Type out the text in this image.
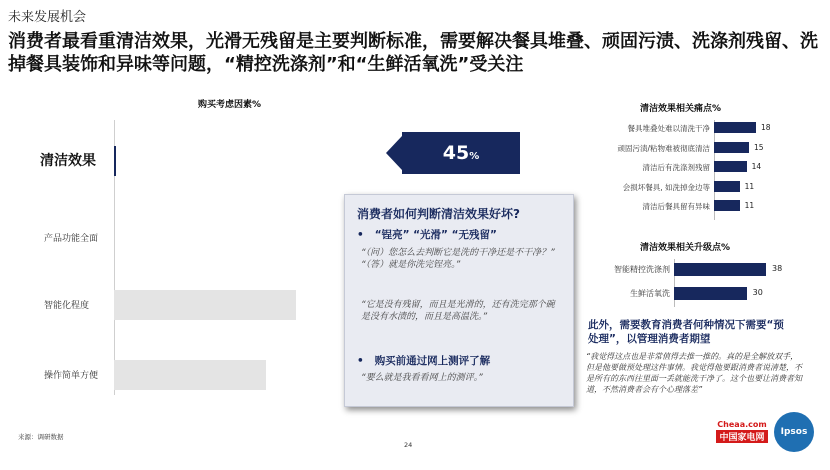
未来发展机会
消费者最看重清洁效果，光滑无残留是主要判断标准，需要解决餐具堆叠、顽固污渍、洗涤剂残留、洗掉餐具装饰和异味等问题，“精控洗涤剂”和“生鲜活氧洗”受关注
购买考虑因素%
45%
消费者如何判断清洁效果好坏?
•   “锃亮” “光滑” “无残留”
“（问）您怎么去判断它是洗的干净还是不干净？” “（答）就是你洗完锃亮。”
“它是没有残留，而且是光滑的，还有洗完那个碗是没有水渍的，而且是高温洗。”
•   购买前通过网上测评了解
“要么就是我看看网上的测评。”
清洁效果相关痛点%
清洁效果相关升级点%
此外，需要教育消费者何种情况下需要“预处理”，以管理消费者期望
“我觉得这点也是非常值得去推一推的。真的是全解放双手，但是他要做预处理这件事情。我觉得他要跟消费者说清楚，不是所有的东西往里面一丢就能洗干净了。这个也要让消费者知道，不然消费者会有个心理落差”
来源：调研数据
24
Cheaa.com
中国家电网
Ipsos
清洁效果
产品功能全面
智能化程度
操作简单方便
餐具堆叠处难以清洗干净	18
顽固污渍/粘物难被彻底清洁	15
清洁后有洗涤剂残留	14
会损坏餐具, 如洗掉金边等	11
清洁后餐具留有异味	11
智能精控洗涤剂	38
生鲜活氧洗	30
